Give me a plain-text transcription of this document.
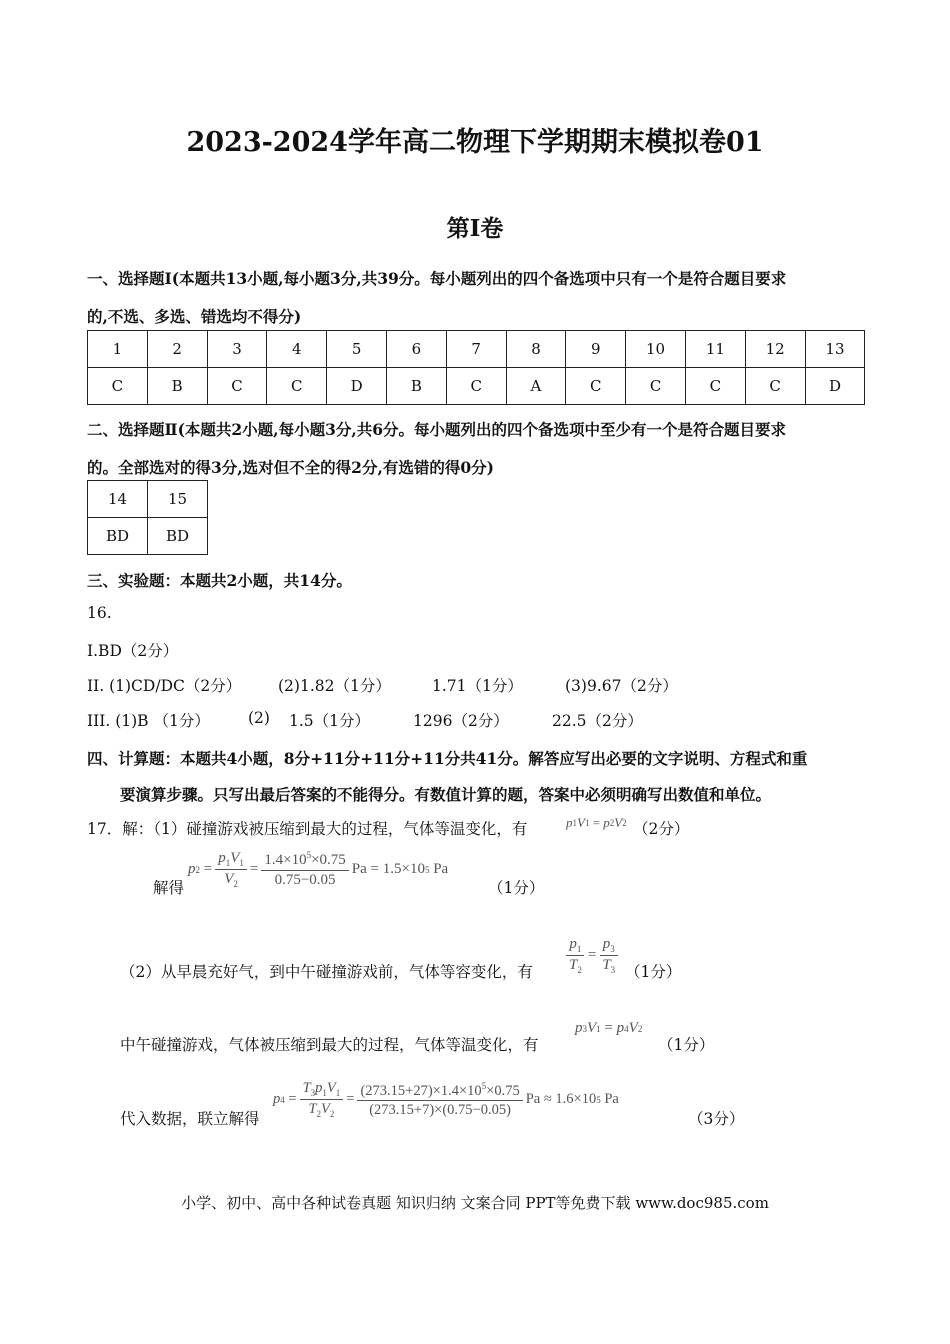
2023-2024学年高二物理下学期期末模拟卷01
第Ⅰ卷
一、选择题Ⅰ(本题共13小题,每小题3分,共39分。每小题列出的四个备选项中只有一个是符合题目要求
的,不选、多选、错选均不得分)
1	2	3	4	5	6	7	8	9	10	11	12	13
C	B	C	C	D	B	C	A	C	C	C	C	D
二、选择题Ⅱ(本题共2小题,每小题3分,共6分。每小题列出的四个备选项中至少有一个是符合题目要求
的。全部选对的得3分,选对但不全的得2分,有选错的得0分)
14	15
BD	BD
三、实验题：本题共2小题，共14分。
16.
I.BD（2分）
II. (1)CD/DC（2分） (2)1.82（1分）	1.71（1分）	(3)9.67（2分）
III. (1)B （1分） (2) 1.5（1分）	1296（2分）	22.5（2分）
四、计算题：本题共4小题，8分+11分+11分+11分共41分。解答应写出必要的文字说明、方程式和重
要演算步骤。只写出最后答案的不能得分。有数值计算的题，答案中必须明确写出数值和单位。
17．解：（1）碰撞游戏被压缩到最大的过程，气体等温变化，有	p 1 V 1 = p 2 V 2 （2分）
解得
p $2 = \frac{p_1V_1}{V_2} = \frac{1.4\times 10^5\times 0.75}{0.75-0.05}$ Pa = 1.5×10 5 Pa
（1分）
（2）从早晨充好气，到中午碰撞游戏前，气体等容变化，有 $\frac{p_1}{T_2} = \frac{p_3}{T_3} (1$分）
中午碰撞游戏，气体被压缩到最大的过程，气体等温变化，有
p 3 V 1 = p 4 V 2
（1分）
代入数据，联立解得
p $4 = \frac{T_3p_1V_1}{T_2V_2} = \frac{(273.15+27)\times 1.4\times 10^5\times 0.75}{(273.15+7)\times(0.75-0.05)}$ Pa ≈ 1.6×10 5 Pa
（3分）
小学、初中、高中各种试卷真题 知识归纳 文案合同 PPT等免费下载 www.doc985.com
